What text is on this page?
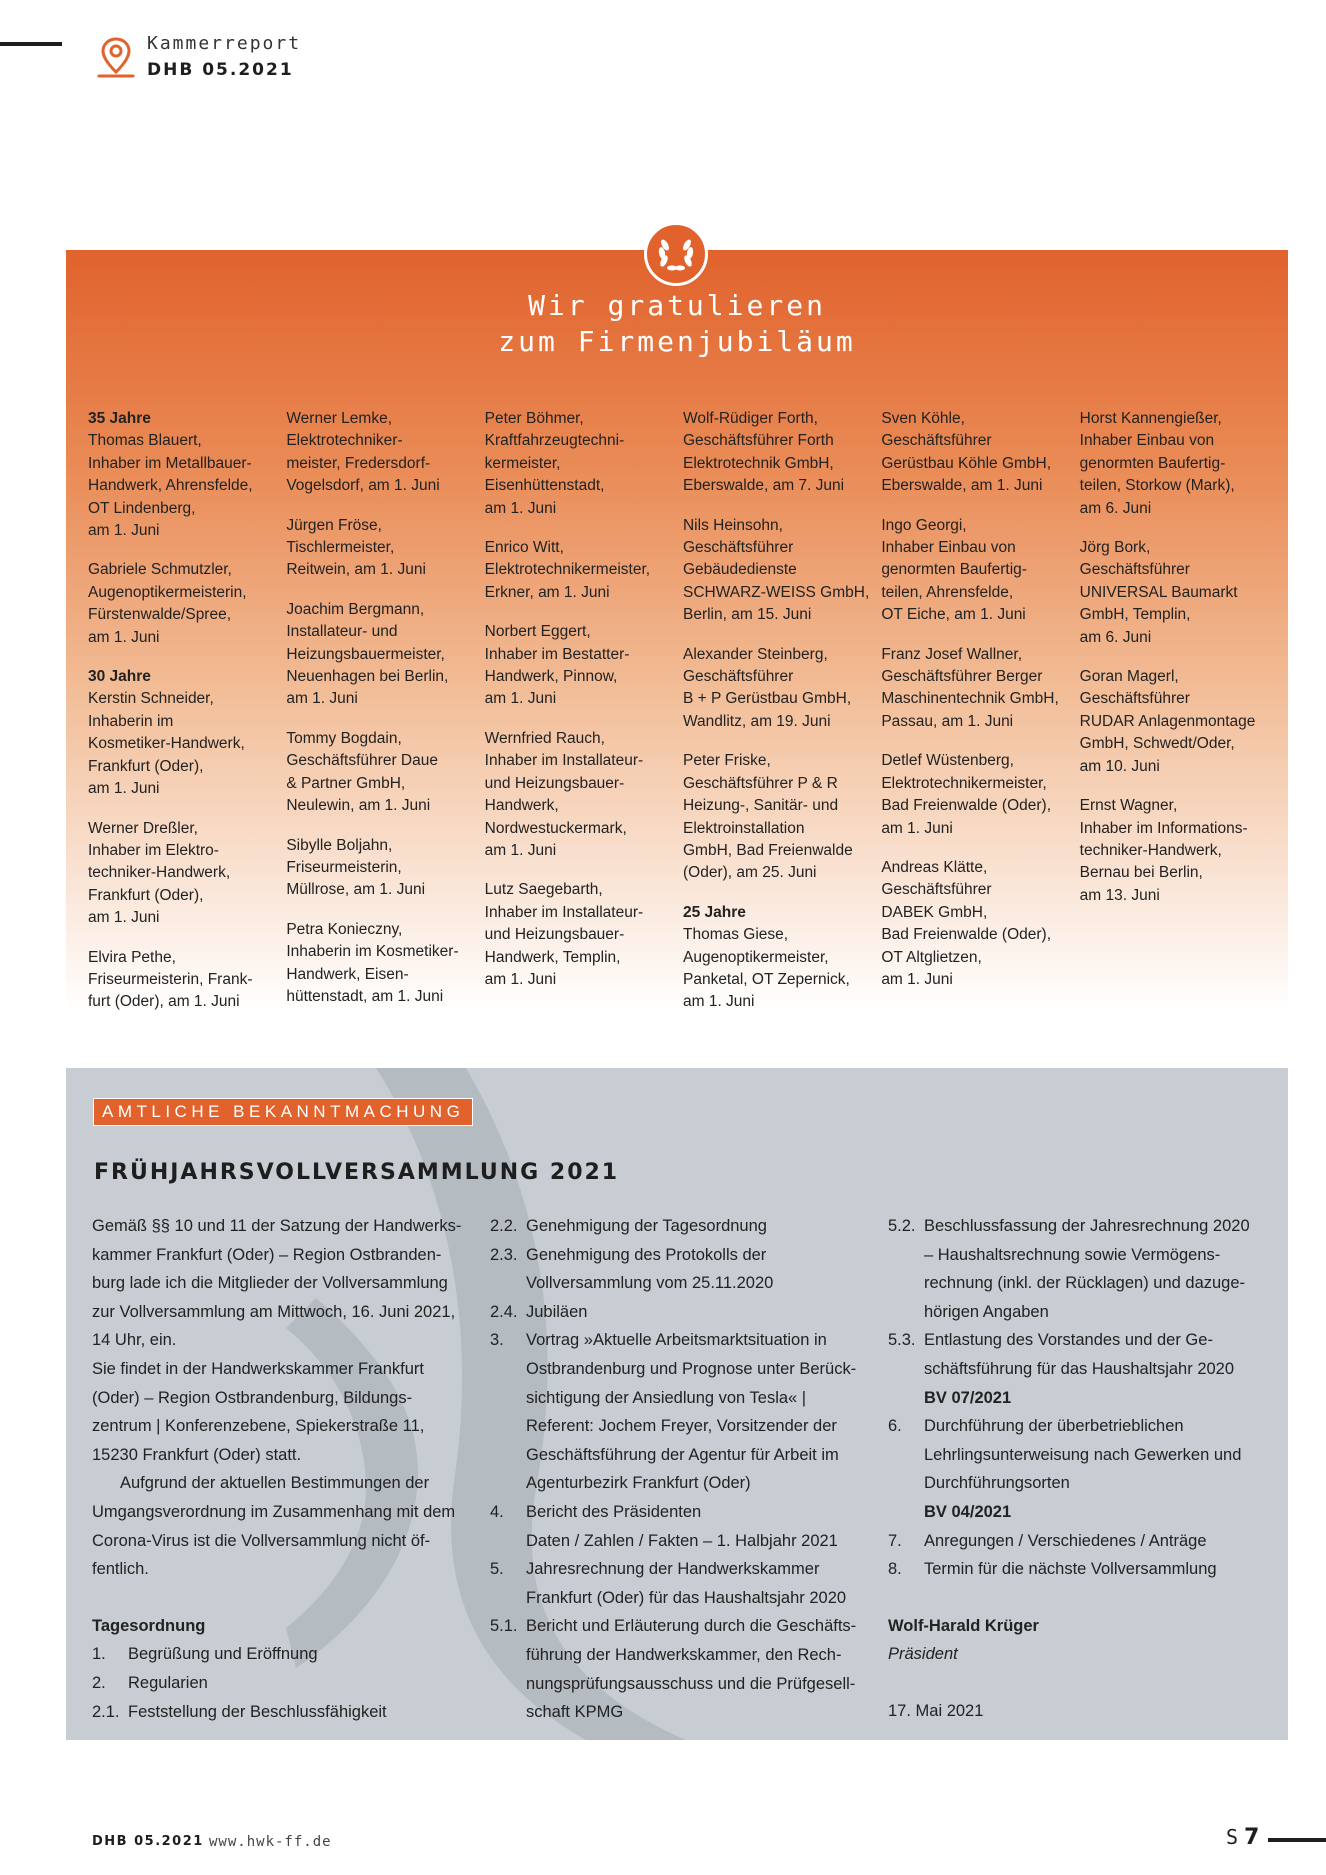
Kammerreport
DHB 05.2021
Wir gratulieren
zum Firmenjubiläum
35 Jahre
Thomas Blauert,
Inhaber im Metallbauer-
Handwerk, Ahrensfelde,
OT Lindenberg,
am 1. Juni
Gabriele Schmutzler,
Augenoptikermeisterin,
Fürstenwalde/Spree,
am 1. Juni
30 Jahre
Kerstin Schneider,
Inhaberin im
Kosmetiker-Handwerk,
Frankfurt (Oder),
am 1. Juni
Werner Dreßler,
Inhaber im Elektro-
techniker-Handwerk,
Frankfurt (Oder),
am 1. Juni
Elvira Pethe,
Friseurmeisterin, Frank-
furt (Oder), am 1. Juni
Werner Lemke,
Elektrotechniker-
meister, Fredersdorf-
Vogelsdorf, am 1. Juni
Jürgen Fröse,
Tischlermeister,
Reitwein, am 1. Juni
Joachim Bergmann,
Installateur- und
Heizungsbauermeister,
Neuenhagen bei Berlin,
am 1. Juni
Tommy Bogdain,
Geschäftsführer Daue
& Partner GmbH,
Neulewin, am 1. Juni
Sibylle Boljahn,
Friseurmeisterin,
Müllrose, am 1. Juni
Petra Konieczny,
Inhaberin im Kosmetiker-
Handwerk, Eisen-
hüttenstadt, am 1. Juni
Peter Böhmer,
Kraftfahrzeugtechni-
kermeister,
Eisenhüttenstadt,
am 1. Juni
Enrico Witt,
Elektrotechnikermeister,
Erkner, am 1. Juni
Norbert Eggert,
Inhaber im Bestatter-
Handwerk, Pinnow,
am 1. Juni
Wernfried Rauch,
Inhaber im Installateur-
und Heizungsbauer-
Handwerk,
Nordwestuckermark,
am 1. Juni
Lutz Saegebarth,
Inhaber im Installateur-
und Heizungsbauer-
Handwerk, Templin,
am 1. Juni
Wolf-Rüdiger Forth,
Geschäftsführer Forth
Elektrotechnik GmbH,
Eberswalde, am 7. Juni
Nils Heinsohn,
Geschäftsführer
Gebäudedienste
SCHWARZ-WEISS GmbH,
Berlin, am 15. Juni
Alexander Steinberg,
Geschäftsführer
B + P Gerüstbau GmbH,
Wandlitz, am 19. Juni
Peter Friske,
Geschäftsführer P & R
Heizung-, Sanitär- und
Elektroinstallation
GmbH, Bad Freienwalde
(Oder), am 25. Juni
25 Jahre
Thomas Giese,
Augenoptikermeister,
Panketal, OT Zepernick,
am 1. Juni
Sven Köhle,
Geschäftsführer
Gerüstbau Köhle GmbH,
Eberswalde, am 1. Juni
Ingo Georgi,
Inhaber Einbau von
genormten Baufertig-
teilen, Ahrensfelde,
OT Eiche, am 1. Juni
Franz Josef Wallner,
Geschäftsführer Berger
Maschinentechnik GmbH,
Passau, am 1. Juni
Detlef Wüstenberg,
Elektrotechnikermeister,
Bad Freienwalde (Oder),
am 1. Juni
Andreas Klätte,
Geschäftsführer
DABEK GmbH,
Bad Freienwalde (Oder),
OT Altglietzen,
am 1. Juni
Horst Kannengießer,
Inhaber Einbau von
genormten Baufertig-
teilen, Storkow (Mark),
am 6. Juni
Jörg Bork,
Geschäftsführer
UNIVERSAL Baumarkt
GmbH, Templin,
am 6. Juni
Goran Magerl,
Geschäftsführer
RUDAR Anlagenmontage
GmbH, Schwedt/Oder,
am 10. Juni
Ernst Wagner,
Inhaber im Informations-
techniker-Handwerk,
Bernau bei Berlin,
am 13. Juni
AMTLICHE BEKANNTMACHUNG
FRÜHJAHRSVOLLVERSAMMLUNG 2021

Gemäß §§ 10 und 11 der Satzung der Handwerks-
kammer Frankfurt (Oder) – Region Ostbranden-
burg lade ich die Mitglieder der Vollversammlung
zur Vollversammlung am Mittwoch, 16. Juni 2021,
14 Uhr, ein.

Sie findet in der Handwerkskammer Frankfurt
(Oder) – Region Ostbrandenburg, Bildungs-
zentrum | Konferenzebene, Spiekerstraße 11,
15230 Frankfurt (Oder) statt.

Aufgrund der aktuellen Bestimmungen der
Umgangsverordnung im Zusammenhang mit dem
Corona-Virus ist die Vollversammlung nicht öf-
fentlich.

Tagesordnung
1.	Begrüßung und Eröffnung
2.	Regularien
2.1. Feststellung der Beschlussfähigkeit
2.2. Genehmigung der Tagesordnung
2.3. Genehmigung des Protokolls der
Vollversammlung vom 25.11.2020
2.4. Jubiläen
3.	Vortrag »Aktuelle Arbeitsmarktsituation in
Ostbrandenburg und Prognose unter Berück-
sichtigung der Ansiedlung von Tesla« |
Referent: Jochem Freyer, Vorsitzender der
Geschäftsführung der Agentur für Arbeit im
Agenturbezirk Frankfurt (Oder)
4.	Bericht des Präsidenten
Daten / Zahlen / Fakten – 1. Halbjahr 2021
5.	Jahresrechnung der Handwerkskammer
Frankfurt (Oder) für das Haushaltsjahr 2020
5.1. Bericht und Erläuterung durch die Geschäfts-
führung der Handwerkskammer, den Rech-
nungsprüfungsausschuss und die Prüfgesell-
schaft KPMG
5.2. Beschlussfassung der Jahresrechnung 2020
– Haushaltsrechnung sowie Vermögens-
rechnung (inkl. der Rücklagen) und dazuge-
hörigen Angaben
5.3. Entlastung des Vorstandes und der Ge-
schäftsführung für das Haushaltsjahr 2020
BV 07/2021
6.	Durchführung der überbetrieblichen
Lehrlingsunterweisung nach Gewerken und
Durchführungsorten
BV 04/2021
7.	Anregungen / Verschiedenes / Anträge
8.	Termin für die nächste Vollversammlung
Wolf-Harald Krüger
Präsident
17. Mai 2021
DHB 05.2021 www.hwk-ff.de	S 7
